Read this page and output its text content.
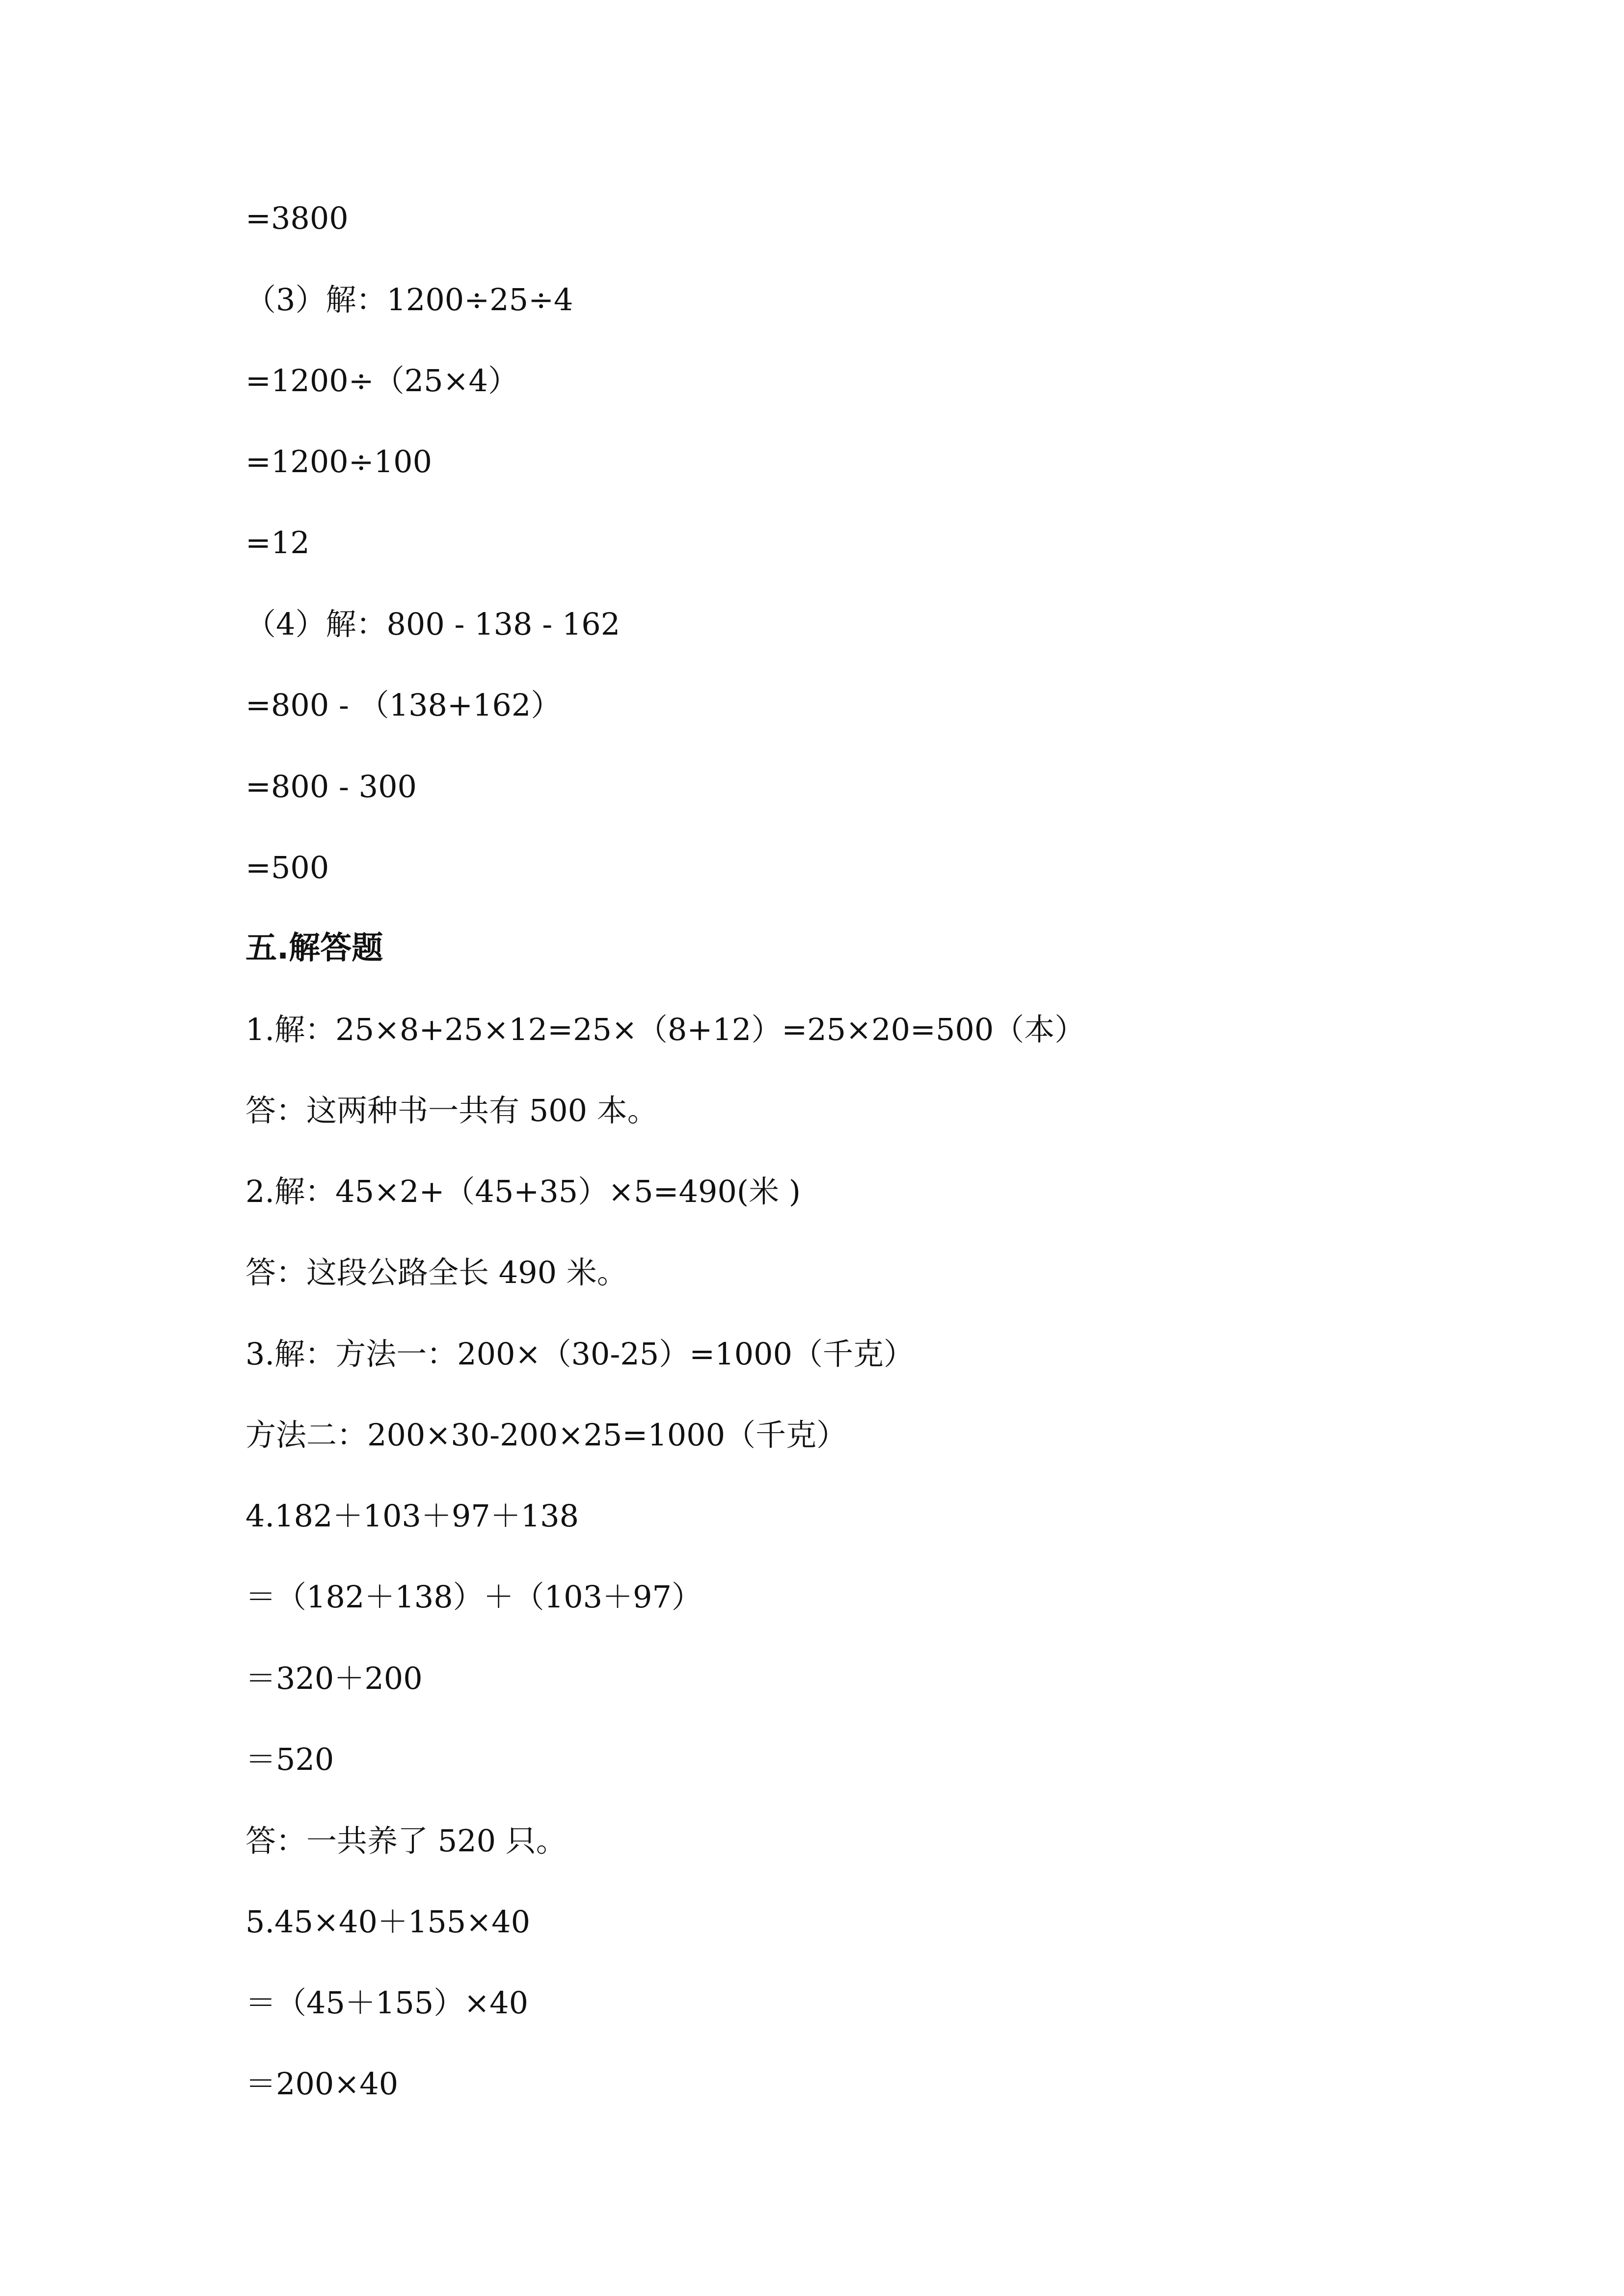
=3800
（3）解：1200÷25÷4
=1200÷（25×4）
=1200÷100
=12
（4）解：800 - 138 - 162
=800 - （138+162）
=800 - 300
=500
五.解答题
1.解：25×8+25×12=25×（8+12）=25×20=500（本）
答：这两种书一共有 500 本。
2.解：45×2+（45+35）×5=490(米 )
答：这段公路全长 490 米。
3.解：方法一：200×（30-25）=1000（千克）
方法二：200×30-200×25=1000（千克）
4.182＋103＋97＋138
＝（182＋138）＋（103＋97）
＝320＋200
＝520
答：一共养了 520 只。
5.45×40＋155×40
＝（45＋155）×40
＝200×40
